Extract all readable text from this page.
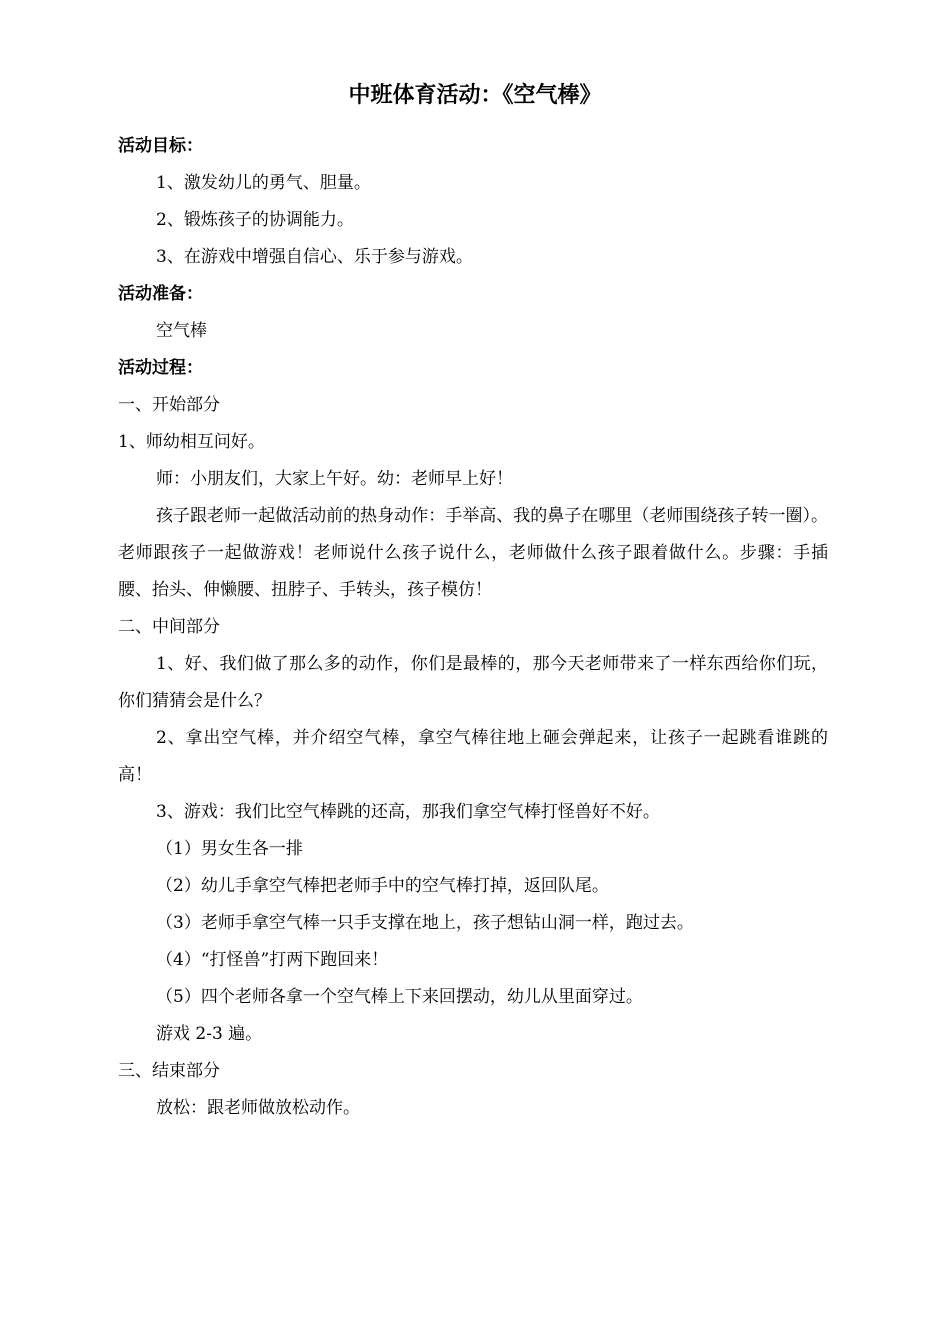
中班体育活动：《空气棒》

活动目标：

1、激发幼儿的勇气、胆量。

2、锻炼孩子的协调能力。

3、在游戏中增强自信心、乐于参与游戏。

活动准备：

空气棒

活动过程：

一、开始部分

1、师幼相互问好。

师：小朋友们，大家上午好。幼：老师早上好！

孩子跟老师一起做活动前的热身动作：手举高、我的鼻子在哪里（老师围绕孩子转一圈）。老师跟孩子一起做游戏！老师说什么孩子说什么，老师做什么孩子跟着做什么。步骤：手插腰、抬头、伸懒腰、扭脖子、手转头，孩子模仿！

二、中间部分

1、好、我们做了那么多的动作，你们是最棒的，那今天老师带来了一样东西给你们玩，你们猜猜会是什么？

2、拿出空气棒，并介绍空气棒，拿空气棒往地上砸会弹起来，让孩子一起跳看谁跳的高！

3、游戏：我们比空气棒跳的还高，那我们拿空气棒打怪兽好不好。

（1）男女生各一排

（2）幼儿手拿空气棒把老师手中的空气棒打掉，返回队尾。

（3）老师手拿空气棒一只手支撑在地上，孩子想钻山洞一样，跑过去。

（4）“打怪兽”打两下跑回来！

（5）四个老师各拿一个空气棒上下来回摆动，幼儿从里面穿过。

游戏 2-3 遍。

三、结束部分

放松：跟老师做放松动作。
